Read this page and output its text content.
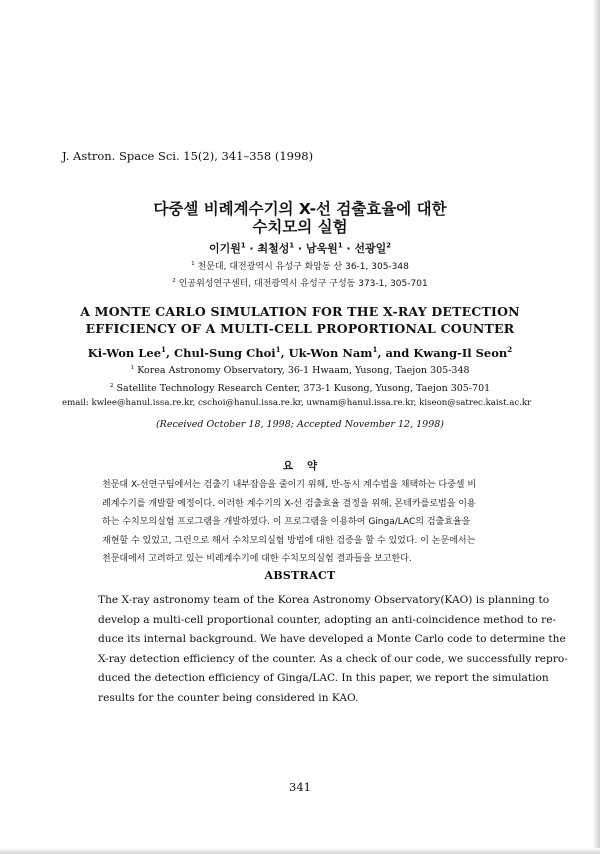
J. Astron. Space Sci. 15(2), 341–358 (1998)
다중셀 비례계수기의 X-선 검출효율에 대한
수치모의 실험
이기원$^1$ · 최철성$^1$ · 남욱원$^1$ · 선광일$^2$
$^1$ 천문대, 대전광역시 유성구 화암동 산 36-1, 305-348
$^2$ 인공위성연구센터, 대전광역시 유성구 구성동 373-1, 305-701
A MONTE CARLO SIMULATION FOR THE X-RAY DETECTION
EFFICIENCY OF A MULTI-CELL PROPORTIONAL COUNTER
Ki-Won Lee$^1$, Chul-Sung Choi$^1$, Uk-Won Nam$^1$, and Kwang-Il Seon$^2$
$^1$ Korea Astronomy Observatory, 36-1 Hwaam, Yusong, Taejon 305-348
$^2$ Satellite Technology Research Center, 373-1 Kusong, Yusong, Taejon 305-701
email: kwlee@hanul.issa.re.kr, cschoi@hanul.issa.re.kr, uwnam@hanul.issa.re.kr, kiseon@satrec.kaist.ac.kr
(Received October 18, 1998; Accepted November 12, 1998)
요약
천문대 X-선연구팀에서는 검출기 내부잡음을 줄이기 위해, 반-동시 계수법을 채택하는 다중셀 비
례계수기를 개발할 예정이다. 이러한 계수기의 X-선 검출효율 결정을 위해, 몬테카를로법을 이용
하는 수치모의실험 프로그램을 개발하였다. 이 프로그램을 이용하여 Ginga/LAC의 검출효율을
재현할 수 있었고, 그런으로 해서 수치모의실험 방법에 대한 검증을 할 수 있었다. 이 논문에서는
천문대에서 고려하고 있는 비례계수기에 대한 수치모의실험 결과들을 보고한다.
ABSTRACT
The X-ray astronomy team of the Korea Astronomy Observatory(KAO) is planning to
develop a multi-cell proportional counter, adopting an anti-coincidence method to re-
duce its internal background. We have developed a Monte Carlo code to determine the
X-ray detection efficiency of the counter. As a check of our code, we successfully repro-
duced the detection efficiency of Ginga/LAC. In this paper, we report the simulation
results for the counter being considered in KAO.
341
